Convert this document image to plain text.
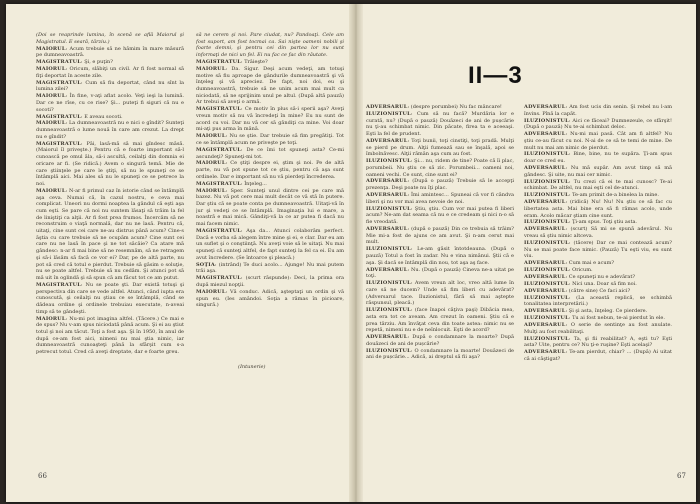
(Doi se reaprinde lumina, în scenă se află Maiorul şi Magistratul. E seară, târziu.)

MAIORUL: Acum trebuie să ne hămim în mare măsură pe dumneavoastră.

MAGISTRATUL: Şi, e puţin?

MAIORUL: Oricum, slăbiţi un civil. Ar fi fost normal să fiţi deportat în aceste zile.

MAGISTRATUL: Cum să fiu deportat, când nu sînt la lumina zilei?

MAIORUL: În fine, v-aţi aflat acolo. Veţi ieşi la lumină. Dar ce ne rîse, cu ce rise? Şi... puteţi fi siguri că nu e socoti?

MAGISTRATUL: E aveau socoti.

MAIORUL: La dumneavoastră nu e nici o gîndit? Sunteţi dumneavoastră o lume nouă în care am crezut. La drept nu e gîndit?

MAGISTRATUL: Păi, lasă-mă să mai gîndesc măsă. (Maiorul îl priveşte.) Pentru că e foarte important să-l cunoască pe omul ăla, să-i ascultă, ceilalţi din domnia ei oricare ar fi. (Se ridică.) Avem o singură temă. Mie de care ştiinţele pe care le ştiţi, să nu le spuneţi ce se întâmplă aici. Mai ales să nu le spuneţi ce se petrece la noi.

MAIORUL: N-ar fi primul caz în istorie când se întâmplă aşa ceva. Numai că, în cazul nostru, e ceva mai complicat. Uneori nu dormi noaptea la gândul că eşti aşa cum eşti. Se pare că noi nu suntem lăsaţi să trăim la fel de liniştiţi ca alţii. Ar fi fost prea frumos. Încercăm să ne reconstruim o viaţă normală, dar nu ne lasă. Pentru că, uitaţi, cine sunt cei care ne-au distrus până acum? Cine-s ăştia cu care trebuie să ne ocupăm acum? Cine sunt cei care nu ne lasă în pace şi ne tot sâcâie? Ca atare mă gândesc: n-ar fi mai bine să ne resemnăm, să ne retragem şi să-i lăsăm să facă ce vor ei? Dar, pe de altă parte, nu pot să cred că totul e pierdut. Trebuie să găsim o soluţie, nu se poate altfel. Trebuie să nu cedăm. Şi atunci pot să mă uit în oglindă şi să spun că am făcut tot ce am putut.

MAGISTRATUL: Nu se poate şti. Dar există totuşi şi perspectiva din care se vede altfel. Atunci, când iupta era cunoscută, şi ceilalţi nu ştiau ce se întâmplă, când se dădeau ordine şi ordinele trebuiau executate, n-aveai timp să te gândeşti.

MAIORUL: Nu-mi pot imagina altfel. (Tăcere.) Ce mai e de spus? Nu v-am spus niciodată până acum. Şi ei au ştiut totul şi noi am tăcut. Toţi a fost aşa. Şi în 1950, în anul de după ce-am fost aici, nimeni nu mai ştia nimic, iar dumneavoastră cunoaşteţi până la sfârşit cum s-a petrecut totul. Cred că aveţi dreptate, dar e foarte greu.

să ne cerem şi noi. Pare ciudat, nu? Pandoaţi. Cele am fost suport, am fost tocmai ca. Sai nişte oameni nobili şi foarte demni, şi pentru cei din partea lor nu sunt informaţi de nici un fel. Ei nu fac ce fac din răutate.

MAGISTRATUL: Trăieşte?

MAIORUL: Da. Sigur. Deşi acum vedeţi, am totuşi motive să fiu aproape de gândurile dumneavoastră şi vă înţeleg şi vă apreciez. De fapt, noi doi, eu şi dumneavoastră, trebuie să ne unim acum mai mult ca niciodată, să ne sprijinim unul pe altul. (După altă pauză) Ar trebui să aveţi o armă.

MAGISTRATUL: Ce motiv în plus să-i sperii aşa? Aveţi vreun motiv să nu vă încredeţi în mine? Eu nu sunt de acord cu voi. Dar nu vă cer să gândiţi ca mine. Voi doar mi-aţi pus arma în mână.

MAIORUL: Nu se ştie. Dar trebuie să fim pregătiţi. Tot ce se întâmplă acum ne priveşte pe toţi.

MAGISTRATUL: De ce îmi tot spuneţi asta? Ce-mi ascundeţi? Spuneţi-mi tot.

MAIORUL: Ce ştiţi despre ei, ştim şi noi. Pe de altă parte, nu vă pot spune tot ce ştiu, pentru că aşa sunt ordinele. Dar e important să nu vă pierdeţi încrederea.

MAGISTRATUL: Înţeleg...

MAIORUL: Sper. Sunteţi unul dintre cei pe care mă bazez. Nu vă pot cere mai mult decât ce vă stă în putere. Dar ştiu că se poate conta pe dumneavoastră. Uitaţi-vă în jur şi vedeţi ce se întâmplă. Imaginaţia lui e mare, a noastră e mai mică. Gândiţi-vă la ce ar putea fi dacă nu mai facem nimic.

MAGISTRATUL: Aşa da... Atunci colaborăm perfect. Dacă e vorba să alegem între mine şi ei, e clar. Dar eu am un suflet şi o conştiinţă. Nu aveţi voie să le uitaţi. Nu mai spuneţi că sunteţi altfel, de fapt sunteţi la fel ca ei. Eu am avut încredere. (Se întoarce şi pleacă.)

SOŢIA: (intrând) Te duci acolo... Ajunge! Nu mai putem trăi aşa.

MAGISTRATUL: (scurt răspunde): Deci, la prima ora după miezul nopţii.

MAIORUL: Vă conduc. Adică, aşteptaţi un ordin şi vă spun eu. (Ies amândoi. Soţia a rămas în picioare, singură.)

(Intunerie)
66
II—3

ADVERSARUL: (despre porumbei) Nu fac mâncare!

ILUZIONISTUL: Cum să nu facă? Murdăria lor e curată, nu? (După o pauză) Douăzeci de ani de pușcărie nu ţi-au schimbat nimic. Din păcate, firea ta e aceeaşi. Eşti la fel de prudent.

ADVERSARUL: Toţi bunii, toţi cinstiţi, toţi pradă. Mulţi se pierd pe drum. Alţii fumează sau se înşală, apoi se îmbolnăvesc. Alţii rămân aşa cum au fost.

ILUZIONISTUL: Şi... nu, ridem de tine? Poate că îi plac, porumbeii. Nu ştiu ce să zic. Porumbeii... oameni noi, oameni vechi. Ce sunt, cine sunt ei?

ADVERSARUL: (După o pauză) Trebuie să le accepţi prezenţa. Deşi poate nu îţi plac.

ADVERSARUL: Îmi amintesc... Spuneai că vor fi cândva liberi şi nu vor mai avea nevoie de noi.

ILUZIONISTUL: Ştiu, ştiu. Cum vor mai putea fi liberi acum? Ne-am dat seama că nu e ce credeam şi nici n-o să fie vreodată.

ADVERSARUL: (după o pauză) Din ce trebuia să trăim? Mie mi-a fost de ajuns ce am avut. Şi n-am cerut mai mult.

ILUZIONISTUL: Le-am găsit întotdeauna. (După o pauză) Totul a fost în zadar. Nu e vina nimănui. Ştii că e aşa. Şi dacă se întâmplă din nou, tot aşa aş face.

ADVERSARUL: Nu. (După o pauză) Cineva ne-a uitat pe toţi.

ILUZIONISTUL: Avem vreun alt loc, vreo altă lume în care să ne ducem? Unde să fim liberi cu adevărat? (Adversarul tace. Iluzionistul, fără să mai aştepte răspunsul, pleacă.)

ILUZIONISTUL: (face înapoi câţiva paşi) Dibăcia mea, asta era tot ce aveam. Am crezut în oameni. Ştiu că e prea târziu. Am învăţat ceva din toate astea: nimic nu se repetă, nimeni nu e de neînlocuit. Eşti de acord?

ADVERSARUL: După o condamnare la moarte? După douăzeci de ani de pușcărie?

ILUZIONISTUL: O condamnare la moarte! Douăzeci de ani de pușcărie... Adică, ai dreptul să fii aşa?

ADVERSARUL: Am fost ucis din senin. Şi rebel nu l-am învins. Pînă la capăt.

ILUZIONISTUL: Aici ce făceai? Dumnezeule, ce sfârşit! (După o pauză) Nu te-ai schimbat deloc.

ADVERSARUL: Nu-mi mai pasă. Cât am fi altfel? Nu ştiu ce-au făcut cu noi. N-ai de ce să te temi de mine. De mult nu mai am nimic de pierdut.

ILUZIONISTUL: Bine, bine, nu te supăra. Ţi-am spus doar ce cred eu.

ADVERSARUL: Nu mă supăr. Am avut timp să mă gândesc. Şi uite, nu mai cer nimic.

ILUZIONISTUL: Tu crezi că ei te mai cunosc? Te-ai schimbat. De altfel, nu mai eşti cel de-atunci.

ILUZIONISTUL: Te-am primit de-a binelea la mine.

ADVERSARUL: (ridică) Nu! Nu! Nu ştiu ce să fac cu libertatea asta. Mai bine era să fi rămas acolo, unde eram. Acolo măcar ştiam cine sunt.

ILUZIONISTUL: Ţi-am spus. Toţi ştiu asta.

ADVERSARUL: (scurt) Să mi se spună adevărul. Nu vreau să ştiu nimic altceva.

ILUZIONISTUL: (tăcere) Dar ce mai contează acum? Nu se mai poate face nimic. (Pauză) Tu eşti viu, eu sunt viu.

ADVERSARUL: Cum mai e acum?

ILUZIONISTUL: Oricum.

ADVERSARUL: Ce spuneţi nu e adevărat?

ILUZIONISTUL: Nici una. Doar să fim noi.

ADVERSARUL: (către sine) Ce faci aici?

ILUZIONISTUL: (La această replică, se schimbă tonalitatea interpretării.)

ADVERSARUL: Şi şi asta, înţeleg. Ce pierdere.

ILUZIONISTUL: Tu ai fost nebun, te-ai pierdut în ele.

ADVERSARUL: O serie de sentinţe au fost anulate. Mulţi au fost reabilitaţi.

ILUZIONISTUL: Ta, şi fii reabilitat? A, eşti tu? Eşti asta? Uite, pentru ce? Nu ţi-e ruşine? Eşti acelaşi?

ADVERSARUL: Te-am pierdut, chiar? ... (După) Ai uitat că ai câştigat?

67
